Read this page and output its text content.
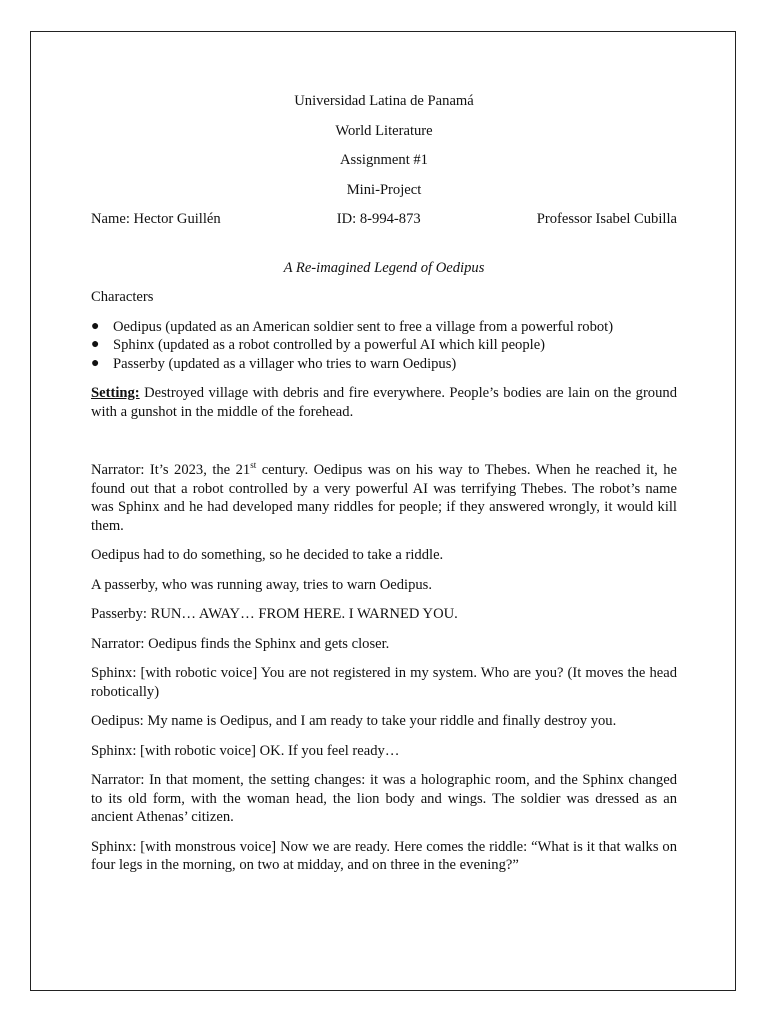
Universidad Latina de Panamá

World Literature

Assignment #1

Mini-Project

Name: Hector Guillén	ID: 8-994-873	Professor Isabel Cubilla

A Re-imagined Legend of Oedipus

Characters

● Oedipus (updated as an American soldier sent to free a village from a powerful robot)
● Sphinx (updated as a robot controlled by a powerful AI which kill people)
● Passerby (updated as a villager who tries to warn Oedipus)

Setting: Destroyed village with debris and fire everywhere. People’s bodies are lain on the ground with a gunshot in the middle of the forehead.

Narrator: It’s 2023, the 21st century. Oedipus was on his way to Thebes. When he reached it, he found out that a robot controlled by a very powerful AI was terrifying Thebes. The robot’s name was Sphinx and he had developed many riddles for people; if they answered wrongly, it would kill them.

Oedipus had to do something, so he decided to take a riddle.

A passerby, who was running away, tries to warn Oedipus.

Passerby: RUN… AWAY… FROM HERE. I WARNED YOU.

Narrator: Oedipus finds the Sphinx and gets closer.

Sphinx: [with robotic voice] You are not registered in my system. Who are you? (It moves the head robotically)

Oedipus: My name is Oedipus, and I am ready to take your riddle and finally destroy you.

Sphinx: [with robotic voice] OK. If you feel ready…

Narrator: In that moment, the setting changes: it was a holographic room, and the Sphinx changed to its old form, with the woman head, the lion body and wings. The soldier was dressed as an ancient Athenas’ citizen.

Sphinx: [with monstrous voice] Now we are ready. Here comes the riddle: “What is it that walks on four legs in the morning, on two at midday, and on three in the evening?”
